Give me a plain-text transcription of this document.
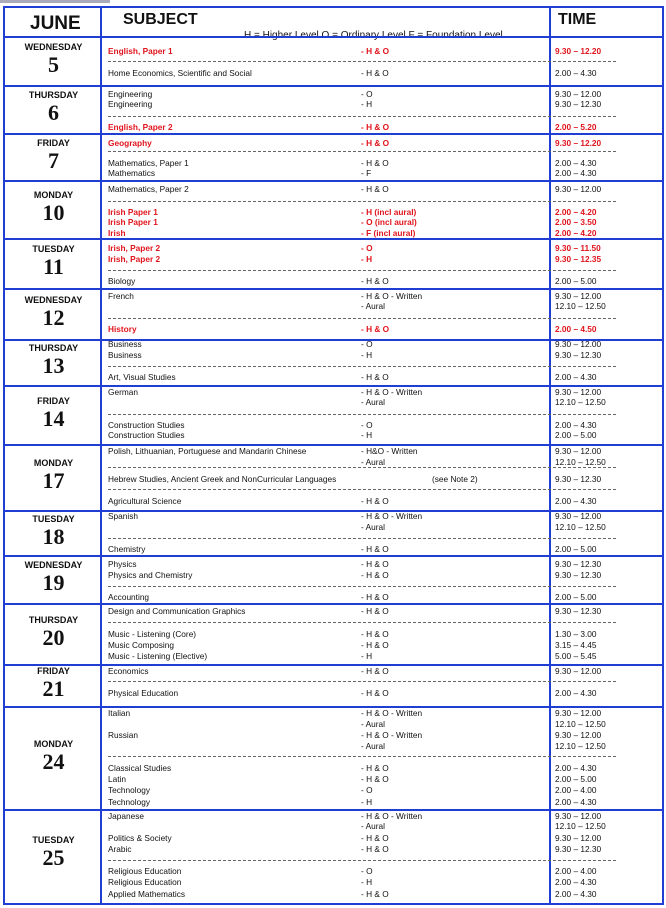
JUNE	SUBJECT	TIME
WEDNESDAY
5
English, Paper 1	- H & O	9.30 – 12.20
Home Economics, Scientific and Social	- H & O	2.00 – 4.30
THURSDAY
6
Engineering	- O	9.30 – 12.00
Engineering	- H	9.30 – 12.30
English, Paper 2	- H & O	2.00 – 5.20
FRIDAY
7
Geography	- H & O	9.30 – 12.20
Mathematics, Paper 1	- H & O	2.00 – 4.30
Mathematics	- F	2.00 – 4.30
MONDAY
10
Mathematics, Paper 2	- H & O	9.30 – 12.00
Irish Paper 1	- H (incl aural)	2.00 – 4.20
Irish Paper 1	- O (incl aural)	2.00 – 3.50
Irish	- F (incl aural)	2.00 – 4.20
TUESDAY
11
Irish, Paper 2	- O	9.30 – 11.50
Irish, Paper 2	- H	9.30 – 12.35
Biology	- H & O	2.00 – 5.00
WEDNESDAY
12
French	- H & O - Written	9.30 – 12.00
- Aural	12.10 – 12.50
History	- H & O	2.00 – 4.50
THURSDAY
13
Business	- O	9.30 – 12.00
Business	- H	9.30 – 12.30
Art, Visual Studies	- H & O	2.00 – 4.30
FRIDAY
14
German	- H & O - Written	9.30 – 12.00
- Aural	12.10 – 12.50
Construction Studies	- O	2.00 – 4.30
Construction Studies	- H	2.00 – 5.00
MONDAY
17
Polish, Lithuanian, Portuguese and Mandarin Chinese	- H&O - Written	9.30 – 12.00
- Aural	12.10 – 12.50
Hebrew Studies, Ancient Greek and NonCurricular Languages	(see Note 2)	9.30 – 12.30
Agricultural Science	- H & O	2.00 – 4.30
TUESDAY
18
Spanish	- H & O - Written	9.30 – 12.00
- Aural	12.10 – 12.50
Chemistry	- H & O	2.00 – 5.00
WEDNESDAY
19
Physics	- H & O	9.30 – 12.30
Physics and Chemistry	- H & O	9.30 – 12.30
Accounting	- H & O	2.00 – 5.00
THURSDAY
20
Design and Communication Graphics	- H & O	9.30 – 12.30
Music - Listening (Core)	- H & O	1.30 – 3.00
Music Composing	- H & O	3.15 – 4.45
Music - Listening (Elective)	- H	5.00 – 5.45
FRIDAY
21
Economics	- H & O	9.30 – 12.00
Physical Education	- H & O	2.00 – 4.30
MONDAY
24
Italian	- H & O - Written	9.30 – 12.00
- Aural	12.10 – 12.50
Russian	- H & O - Written	9.30 – 12.00
- Aural	12.10 – 12.50
Classical Studies	- H & O	2.00 – 4.30
Latin	- H & O	2.00 – 5.00
Technology	- O	2.00 – 4.00
Technology	- H	2.00 – 4.30
TUESDAY
25
Japanese	- H & O - Written	9.30 – 12.00
- Aural	12.10 – 12.50
Politics & Society	- H & O	9.30 – 12.00
Arabic	- H & O	9.30 – 12.30
Religious Education	- O	2.00 – 4.00
Religious Education	- H	2.00 – 4.30
Applied Mathematics	- H & O	2.00 – 4.30
